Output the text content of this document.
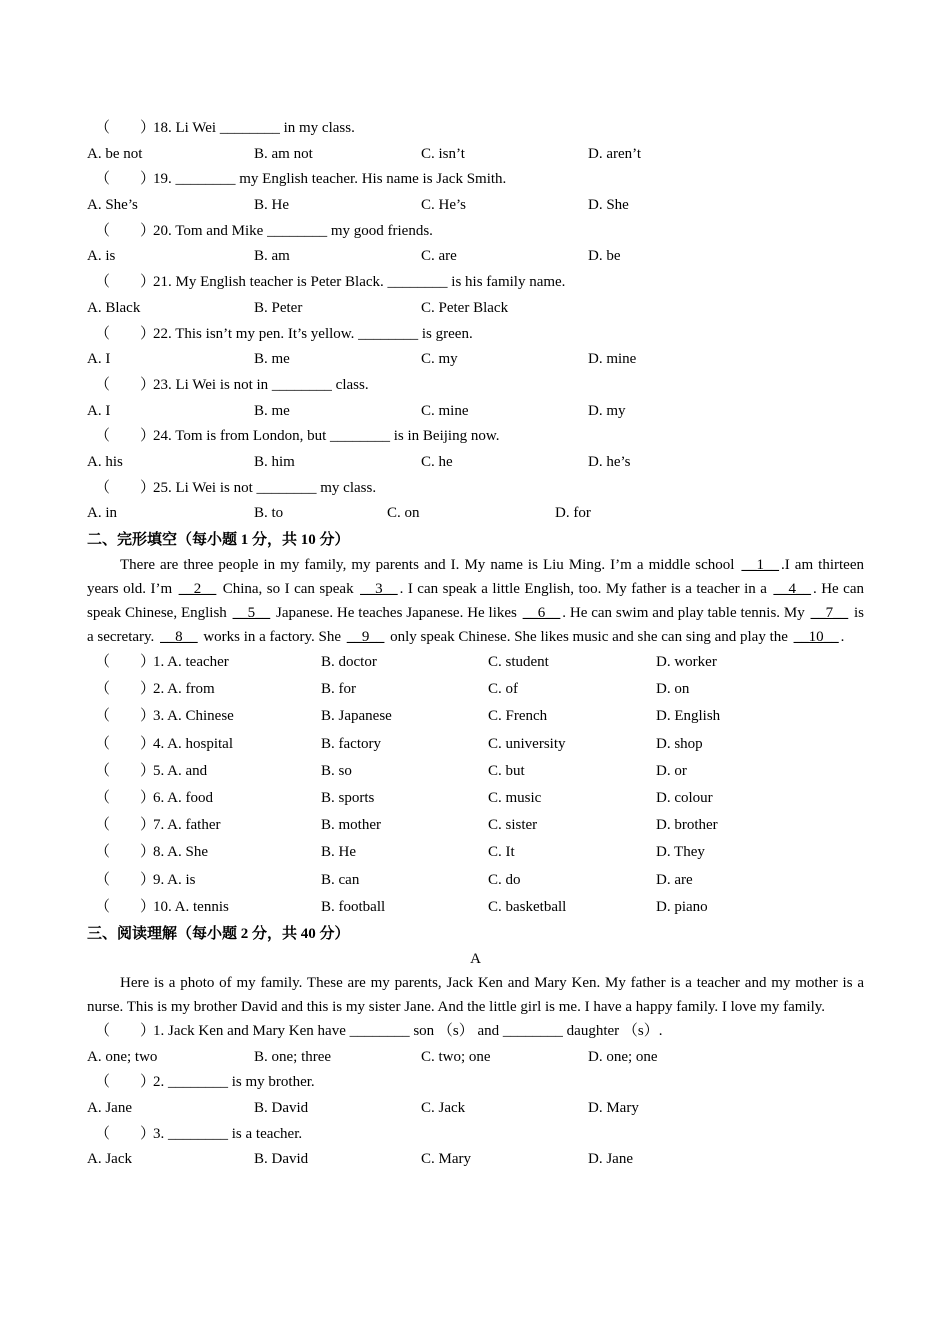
（　　）18. Li Wei ________ in my class.
A. be not	B. am not	C. isn’t	D. aren’t
（　　）19. ________ my English teacher. His name is Jack Smith.
A. She’s	B. He	C. He’s	D. She
（　　）20. Tom and Mike ________ my good friends.
A. is	B. am	C. are	D. be
（　　）21. My English teacher is Peter Black. ________ is his family name.
A. Black	B. Peter	C. Peter Black
（　　）22. This isn’t my pen. It’s yellow. ________ is green.
A. I	B. me	C. my	D. mine
（　　）23. Li Wei is not in ________ class.
A. I	B. me	C. mine	D. my
（　　）24. Tom is from London, but ________ is in Beijing now.
A. his	B. him	C. he	D. he’s
（　　）25. Li Wei is not ________ my class.
A. in	B. to	C. on	D. for
二、完形填空（每小题 1 分，共 10 分）

There are three people in my family, my parents and I. My name is Liu Ming. I’m a middle school __1__ .I am thirteen years old. I’m __2__ China, so I can speak __3__ . I can speak a little English, too. My father is a teacher in a __4__ . He can speak Chinese, English __5__ Japanese. He teaches Japanese. He likes __6__ . He can swim and play table tennis. My __7__ is a secretary. __8__ works in a factory. She __9__ only speak Chinese. She likes music and she can sing and play the __10__ .

（　　）
1. A. teacher	B. doctor	C. student	D. worker
（　　）
2. A. from	B. for	C. of	D. on
（　　）
3. A. Chinese	B. Japanese	C. French	D. English
（　　）
4. A. hospital	B. factory	C. university	D. shop
（　　）
5. A. and	B. so	C. but	D. or
（　　）
6. A. food	B. sports	C. music	D. colour
（　　）
7. A. father	B. mother	C. sister	D. brother
（　　）
8. A. She	B. He	C. It	D. They
（　　）
9. A. is	B. can	C. do	D. are
（　　）
10. A. tennis	B. football	C. basketball	D. piano
三、阅读理解（每小题 2 分，共 40 分）
A

Here is a photo of my family. These are my parents, Jack Ken and Mary Ken. My father is a teacher and my mother is a nurse. This is my brother David and this is my sister Jane. And the little girl is me. I have a happy family. I love my family.

（　　）1. Jack Ken and Mary Ken have ________ son （s） and ________ daughter （s）.
A. one; two	B. one; three	C. two; one	D. one; one
（　　）2. ________ is my brother.
A. Jane	B. David	C. Jack	D. Mary
（　　）3. ________ is a teacher.
A. Jack	B. David	C. Mary	D. Jane
